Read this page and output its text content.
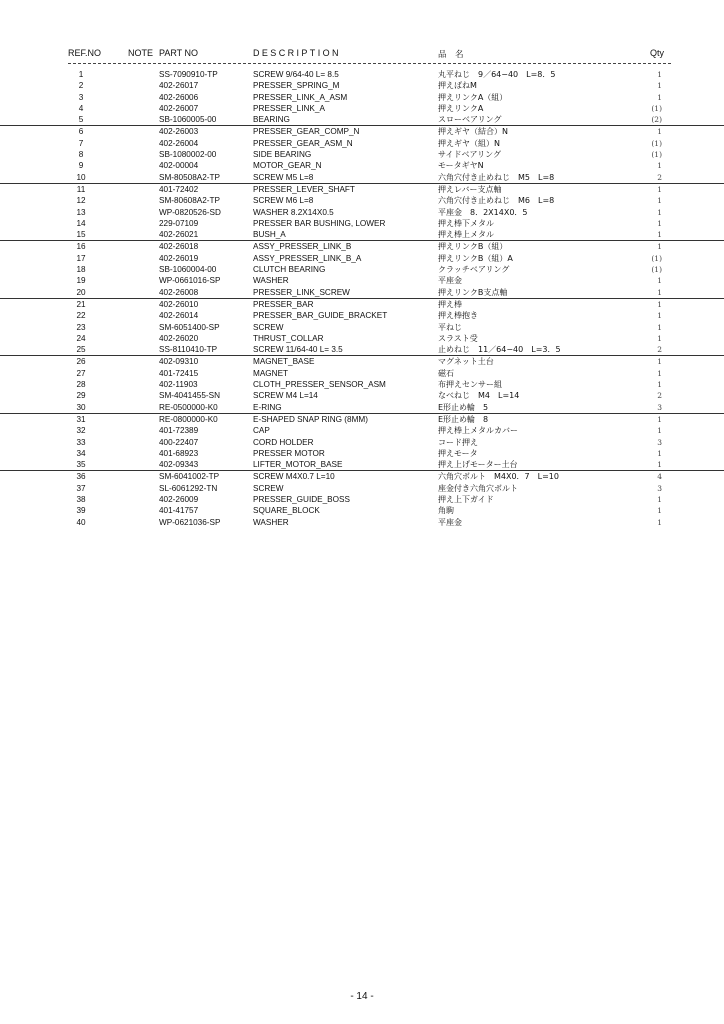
REF.NO	NOTE PART NO	DESCRIPTION	品　名	Qty
1	SS-7090910-TP	SCREW 9/64-40 L= 8.5	丸平ねじ　9／64−40　L=8．5	1
2	402-26017	PRESSER_SPRING_M	押えばねM	1
3	402-26006	PRESSER_LINK_A_ASM	押えリンクA（組）	1
4	402-26007	PRESSER_LINK_A	押えリンクA	(1)
5	SB-1060005-00	BEARING	スローベアリング	(2)
6	402-26003	PRESSER_GEAR_COMP_N	押えギヤ（結合）N	1
7	402-26004	PRESSER_GEAR_ASM_N	押えギヤ（組）N	(1)
8	SB-1080002-00	SIDE BEARING	サイドベアリング	(1)
9	402-00004	MOTOR_GEAR_N	モータギヤN	1
10	SM-80508A2-TP	SCREW M5 L=8	六角穴付き止めねじ　M5　L=8	2
11	401-72402	PRESSER_LEVER_SHAFT	押えレバー支点軸	1
12	SM-80608A2-TP	SCREW M6 L=8	六角穴付き止めねじ　M6　L=8	1
13	WP-0820526-SD	WASHER 8.2X14X0.5	平座金　8．2X14X0．5	1
14	229-07109	PRESSER BAR BUSHING, LOWER	押え棒下メタル	1
15	402-26021	BUSH_A	押え棒上メタル	1
16	402-26018	ASSY_PRESSER_LINK_B	押えリンクB（組）	1
17	402-26019	ASSY_PRESSER_LINK_B_A	押えリンクB（組）A	(1)
18	SB-1060004-00	CLUTCH BEARING	クラッチベアリング	(1)
19	WP-0661016-SP	WASHER	平座金	1
20	402-26008	PRESSER_LINK_SCREW	押えリンクB支点軸	1
21	402-26010	PRESSER_BAR	押え棒	1
22	402-26014	PRESSER_BAR_GUIDE_BRACKET	押え棒抱き	1
23	SM-6051400-SP	SCREW	平ねじ	1
24	402-26020	THRUST_COLLAR	スラスト受	1
25	SS-8110410-TP	SCREW 11/64-40 L= 3.5	止めねじ　11／64−40　L=3．5	2
26	402-09310	MAGNET_BASE	マグネット土台	1
27	401-72415	MAGNET	磁石	1
28	402-11903	CLOTH_PRESSER_SENSOR_ASM	布押えセンサー組	1
29	SM-4041455-SN	SCREW M4 L=14	なべねじ　M4　L=14	2
30	RE-0500000-K0	E-RING	E形止め輪　5	3
31	RE-0800000-K0	E-SHAPED SNAP RING (8MM)	E形止め輪　8	1
32	401-72389	CAP	押え棒上メタルカバー	1
33	400-22407	CORD HOLDER	コード押え	3
34	401-68923	PRESSER MOTOR	押えモータ	1
35	402-09343	LIFTER_MOTOR_BASE	押え上げモーター土台	1
36	SM-6041002-TP	SCREW M4X0.7 L=10	六角穴ボルト　M4X0．7　L=10	4
37	SL-6061292-TN	SCREW	座金付き六角穴ボルト	3
38	402-26009	PRESSER_GUIDE_BOSS	押え上下ガイド	1
39	401-41757	SQUARE_BLOCK	角駒	1
40	WP-0621036-SP	WASHER	平座金	1
- 14 -
